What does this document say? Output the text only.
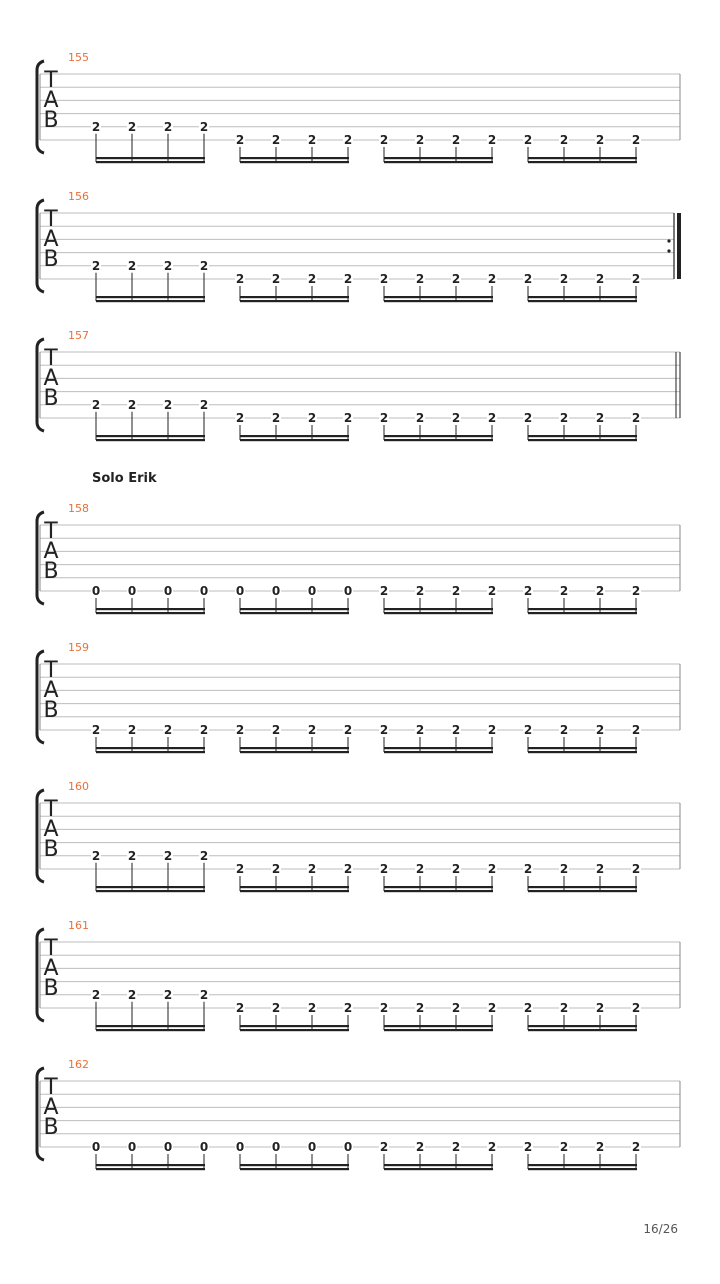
T
A
B
155
2 2 2 2
2 2 2 2 2 2 2 2 2 2 2 2
T
A
B
156
2 2 2 2
2 2 2 2 2 2 2 2 2 2 2 2
T
A
B
157
2 2 2 2
2 2 2 2 2 2 2 2 2 2 2 2
T
A
B
158
0 0 0 0 0 0 0 0 2 2 2 2 2 2 2 2
T
A
B
159
2 2 2 2 2 2 2 2 2 2 2 2 2 2 2 2
T
A
B
160
2 2 2 2
2 2 2 2 2 2 2 2 2 2 2 2
T
A
B
161
2 2 2 2
2 2 2 2 2 2 2 2 2 2 2 2
T
A
B
162
0 0 0 0 0 0 0 0 2 2 2 2 2 2 2 2
Solo Erik
16/26
